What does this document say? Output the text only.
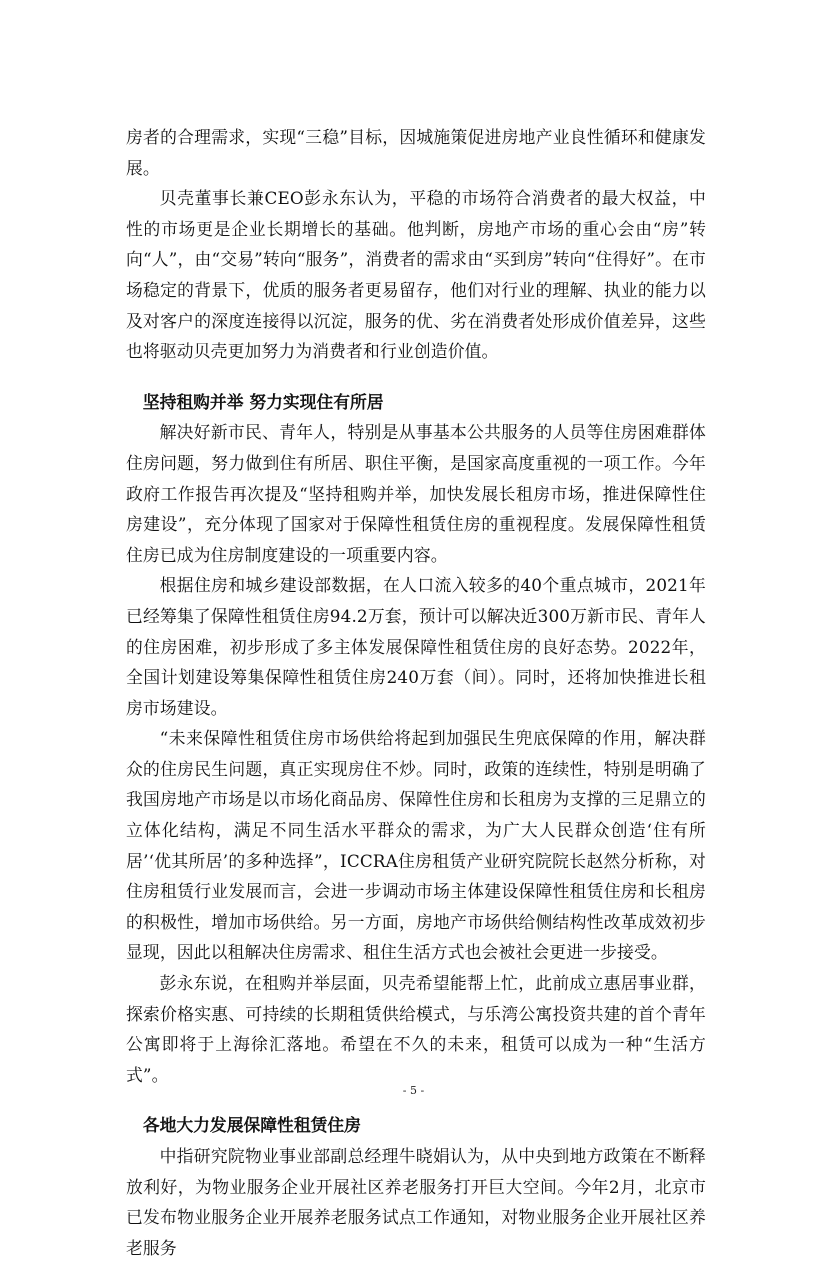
房者的合理需求，实现“三稳”目标，因城施策促进房地产业良性循环和健康发展。

贝壳董事长兼CEO彭永东认为，平稳的市场符合消费者的最大权益，中性的市场更是企业长期增长的基础。他判断，房地产市场的重心会由“房”转向“人”，由“交易”转向“服务”，消费者的需求由“买到房”转向“住得好”。在市场稳定的背景下，优质的服务者更易留存，他们对行业的理解、执业的能力以及对客户的深度连接得以沉淀，服务的优、劣在消费者处形成价值差异，这些也将驱动贝壳更加努力为消费者和行业创造价值。

坚持租购并举 努力实现住有所居

解决好新市民、青年人，特别是从事基本公共服务的人员等住房困难群体住房问题，努力做到住有所居、职住平衡，是国家高度重视的一项工作。今年政府工作报告再次提及“坚持租购并举，加快发展长租房市场，推进保障性住房建设”，充分体现了国家对于保障性租赁住房的重视程度。发展保障性租赁住房已成为住房制度建设的一项重要内容。

根据住房和城乡建设部数据，在人口流入较多的40个重点城市，2021年已经筹集了保障性租赁住房94.2万套，预计可以解决近300万新市民、青年人的住房困难，初步形成了多主体发展保障性租赁住房的良好态势。2022年，全国计划建设筹集保障性租赁住房240万套（间）。同时，还将加快推进长租房市场建设。

“未来保障性租赁住房市场供给将起到加强民生兜底保障的作用，解决群众的住房民生问题，真正实现房住不炒。同时，政策的连续性，特别是明确了我国房地产市场是以市场化商品房、保障性住房和长租房为支撑的三足鼎立的立体化结构，满足不同生活水平群众的需求，为广大人民群众创造‘住有所居’‘优其所居’的多种选择”，ICCRA住房租赁产业研究院院长赵然分析称，对住房租赁行业发展而言，会进一步调动市场主体建设保障性租赁住房和长租房的积极性，增加市场供给。另一方面，房地产市场供给侧结构性改革成效初步显现，因此以租解决住房需求、租住生活方式也会被社会更进一步接受。

彭永东说，在租购并举层面，贝壳希望能帮上忙，此前成立惠居事业群，探索价格实惠、可持续的长期租赁供给模式，与乐湾公寓投资共建的首个青年公寓即将于上海徐汇落地。希望在不久的未来，租赁可以成为一种“生活方式”。

各地大力发展保障性租赁住房

中指研究院物业事业部副总经理牛晓娟认为，从中央到地方政策在不断释放利好，为物业服务企业开展社区养老服务打开巨大空间。今年2月，北京市已发布物业服务企业开展养老服务试点工作通知，对物业服务企业开展社区养老服务

- 5 -
